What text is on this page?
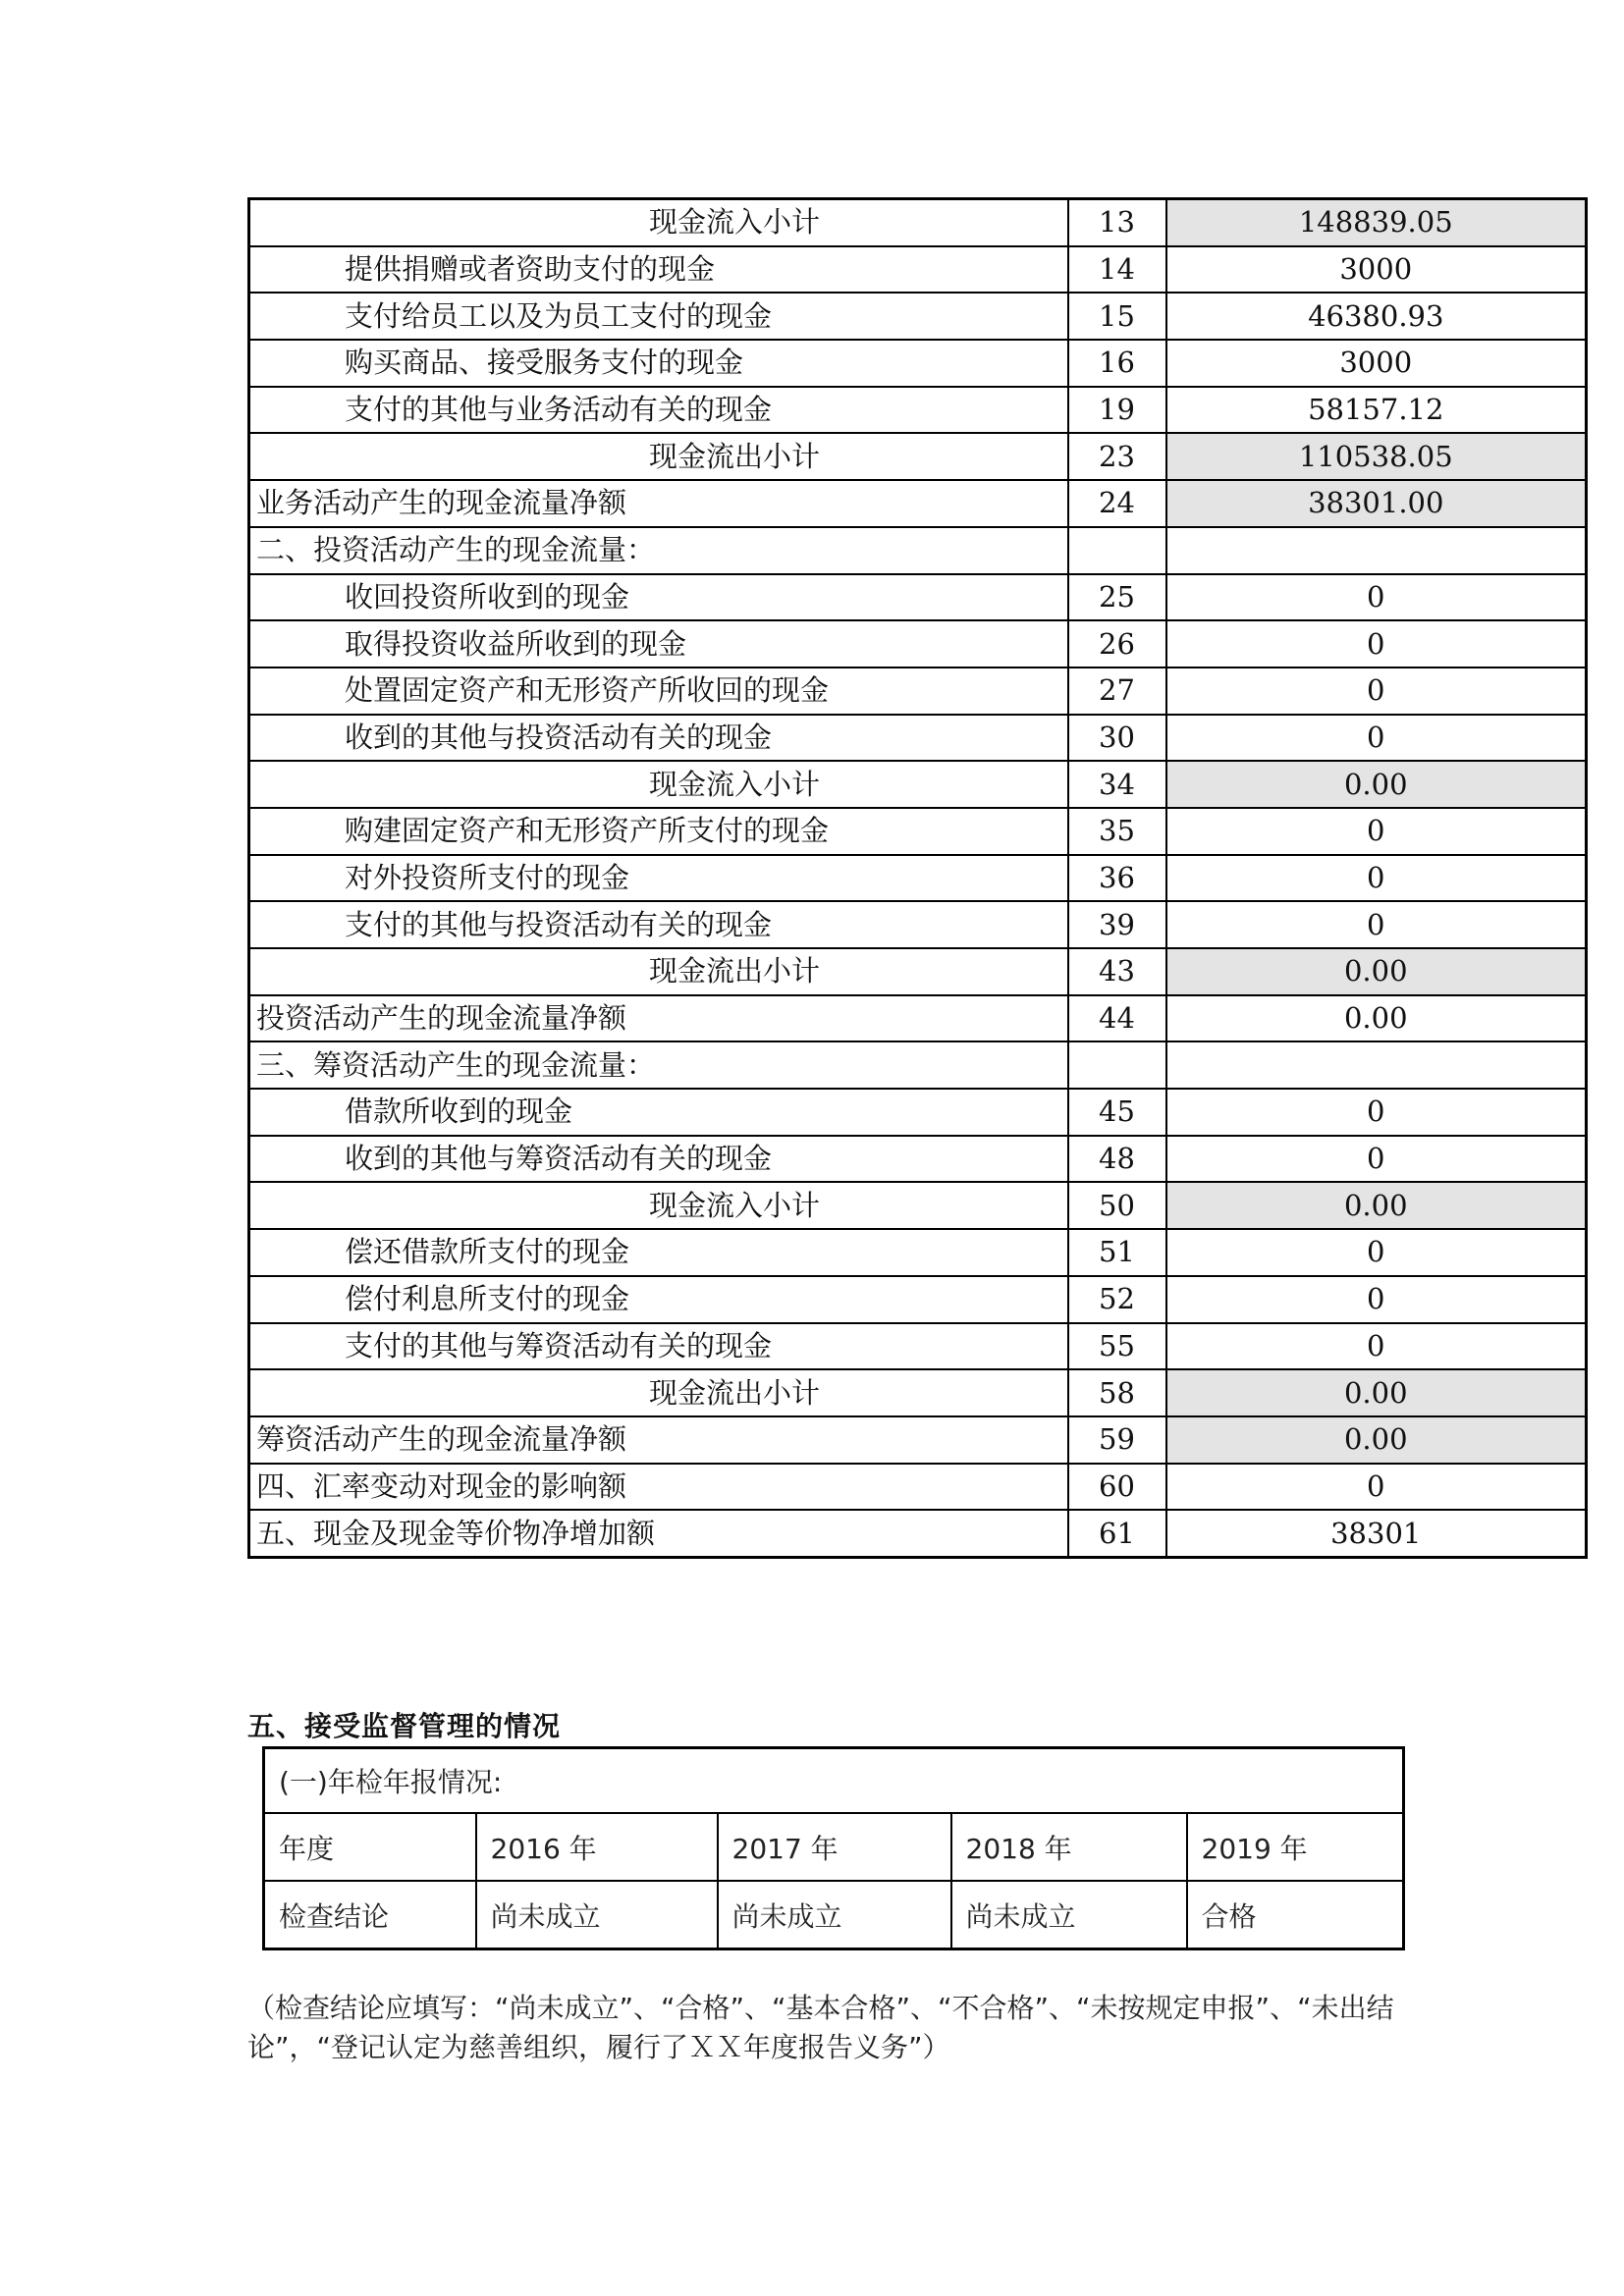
现金流入小计	13	148839.05
提供捐赠或者资助支付的现金	14	3000
支付给员工以及为员工支付的现金	15	46380.93
购买商品、接受服务支付的现金	16	3000
支付的其他与业务活动有关的现金	19	58157.12
现金流出小计	23	110538.05
业务活动产生的现金流量净额	24	38301.00
二、投资活动产生的现金流量：		
收回投资所收到的现金	25	0
取得投资收益所收到的现金	26	0
处置固定资产和无形资产所收回的现金	27	0
收到的其他与投资活动有关的现金	30	0
现金流入小计	34	0.00
购建固定资产和无形资产所支付的现金	35	0
对外投资所支付的现金	36	0
支付的其他与投资活动有关的现金	39	0
现金流出小计	43	0.00
投资活动产生的现金流量净额	44	0.00
三、筹资活动产生的现金流量：		
借款所收到的现金	45	0
收到的其他与筹资活动有关的现金	48	0
现金流入小计	50	0.00
偿还借款所支付的现金	51	0
偿付利息所支付的现金	52	0
支付的其他与筹资活动有关的现金	55	0
现金流出小计	58	0.00
筹资活动产生的现金流量净额	59	0.00
四、汇率变动对现金的影响额	60	0
五、现金及现金等价物净增加额	61	38301
五、接受监督管理的情况
(一)年检年报情况:				
年度	2016 年	2017 年	2018 年	2019 年
检查结论	尚未成立	尚未成立	尚未成立	合格
（检查结论应填写：“尚未成立”、“合格”、“基本合格”、“不合格”、“未按规定申报”、“未出结论”，“登记认定为慈善组织，履行了ＸＸ年度报告义务”）
